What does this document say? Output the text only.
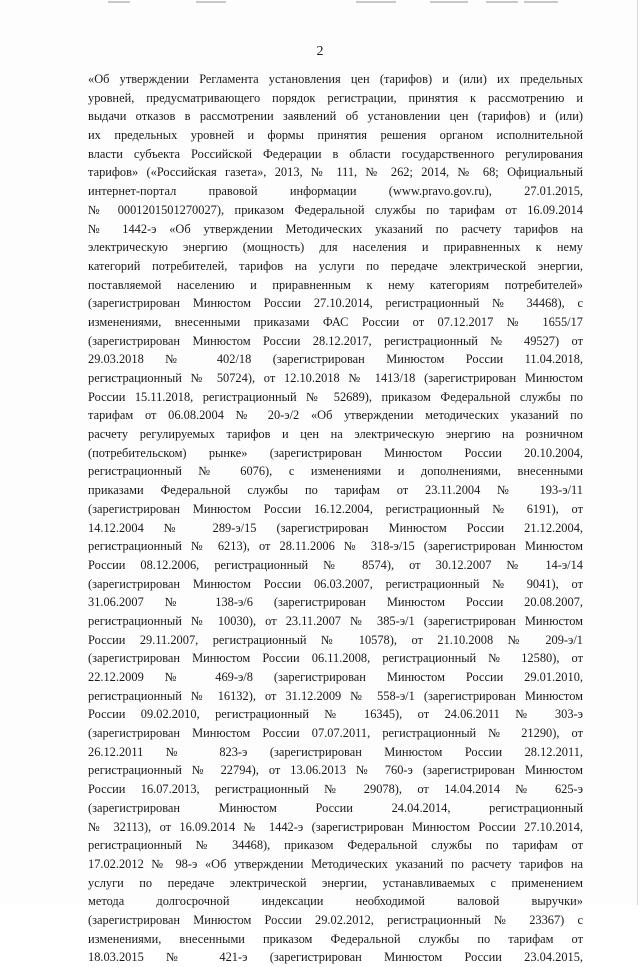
2
«Об утверждении Регламента установления цен (тарифов) и (или) их предельных
уровней, предусматривающего порядок регистрации, принятия к рассмотрению и
выдачи отказов в рассмотрении заявлений об установлении цен (тарифов) и (или)
их предельных уровней и формы принятия решения органом исполнительной
власти субъекта Российской Федерации в области государственного регулирования
тарифов» («Российская газета», 2013, № 111, № 262; 2014, № 68; Официальный
интернет-портал правовой информации (www.pravo.gov.ru), 27.01.2015,
№ 0001201501270027), приказом Федеральной службы по тарифам от 16.09.2014
№ 1442-э «Об утверждении Методических указаний по расчету тарифов на
электрическую энергию (мощность) для населения и приравненных к нему
категорий потребителей, тарифов на услуги по передаче электрической энергии,
поставляемой населению и приравненным к нему категориям потребителей»
(зарегистрирован Минюстом России 27.10.2014, регистрационный № 34468), с
изменениями, внесенными приказами ФАС России от 07.12.2017 № 1655/17
(зарегистрирован Минюстом России 28.12.2017, регистрационный № 49527) от
29.03.2018 № 402/18 (зарегистрирован Минюстом России 11.04.2018,
регистрационный № 50724), от 12.10.2018 № 1413/18 (зарегистрирован Минюстом
России 15.11.2018, регистрационный № 52689), приказом Федеральной службы по
тарифам от 06.08.2004 № 20-э/2 «Об утверждении методических указаний по
расчету регулируемых тарифов и цен на электрическую энергию на розничном
(потребительском) рынке» (зарегистрирован Минюстом России 20.10.2004,
регистрационный № 6076), с изменениями и дополнениями, внесенными
приказами Федеральной службы по тарифам от 23.11.2004 № 193-э/11
(зарегистрирован Минюстом России 16.12.2004, регистрационный № 6191), от
14.12.2004 № 289-э/15 (зарегистрирован Минюстом России 21.12.2004,
регистрационный № 6213), от 28.11.2006 № 318-э/15 (зарегистрирован Минюстом
России 08.12.2006, регистрационный № 8574), от 30.12.2007 № 14-э/14
(зарегистрирован Минюстом России 06.03.2007, регистрационный № 9041), от
31.06.2007 № 138-э/6 (зарегистрирован Минюстом России 20.08.2007,
регистрационный № 10030), от 23.11.2007 № 385-э/1 (зарегистрирован Минюстом
России 29.11.2007, регистрационный № 10578), от 21.10.2008 № 209-э/1
(зарегистрирован Минюстом России 06.11.2008, регистрационный № 12580), от
22.12.2009 № 469-э/8 (зарегистрирован Минюстом России 29.01.2010,
регистрационный № 16132), от 31.12.2009 № 558-э/1 (зарегистрирован Минюстом
России 09.02.2010, регистрационный № 16345), от 24.06.2011 № 303-э
(зарегистрирован Минюстом России 07.07.2011, регистрационный № 21290), от
26.12.2011 № 823-э (зарегистрирован Минюстом России 28.12.2011,
регистрационный № 22794), от 13.06.2013 № 760-э (зарегистрирован Минюстом
России 16.07.2013, регистрационный № 29078), от 14.04.2014 № 625-э
(зарегистрирован Минюстом России 24.04.2014, регистрационный
№ 32113), от 16.09.2014 № 1442-э (зарегистрирован Минюстом России 27.10.2014,
регистрационный № 34468), приказом Федеральной службы по тарифам от
17.02.2012 № 98-э «Об утверждении Методических указаний по расчету тарифов на
услуги по передаче электрической энергии, устанавливаемых с применением
метода долгосрочной индексации необходимой валовой выручки»
(зарегистрирован Минюстом России 29.02.2012, регистрационный № 23367) с
изменениями, внесенными приказом Федеральной службы по тарифам от
18.03.2015 № 421-э (зарегистрирован Минюстом России 23.04.2015,
